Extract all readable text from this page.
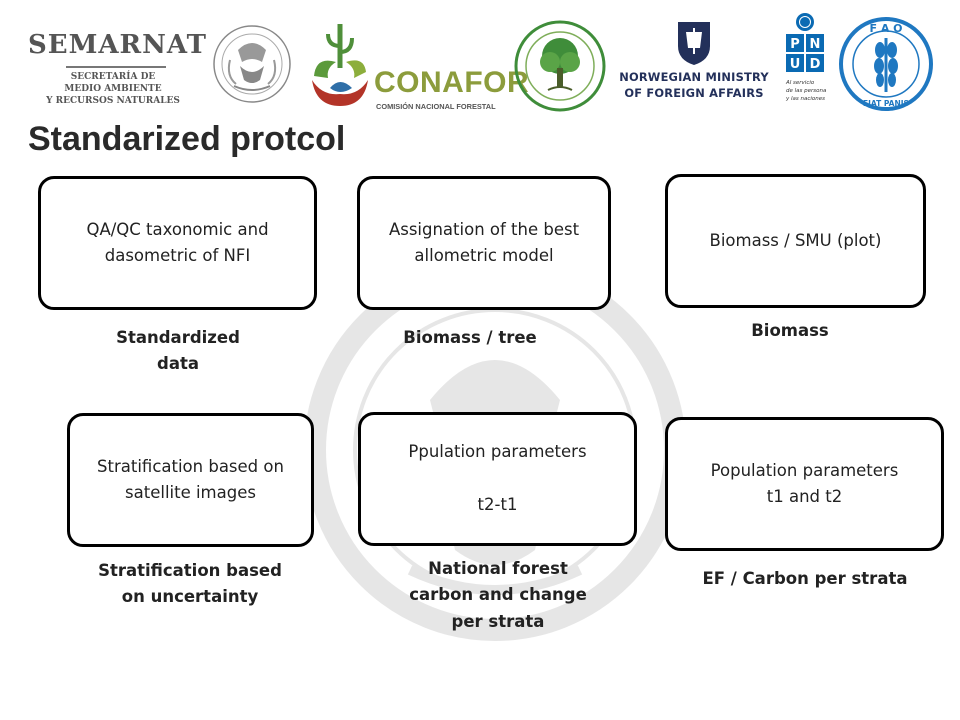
SEMARNAT
SECRETARÍA DE
MEDIO AMBIENTE
Y RECURSOS NATURALES
CONAFOR
COMISIÓN NACIONAL FORESTAL
NORWEGIAN MINISTRY
OF FOREIGN AFFAIRS
P N
U D
Al servicio
de las personas
y las naciones
F A O
FIAT PANIS
Standarized protcol
QA/QC taxonomic and dasometric of NFI
Assignation of the best allometric model
Biomass / SMU (plot)
Standardized
data
Biomass / tree	Biomass
Stratification based on satellite images
Ppulation parameters

t2-t1
Population parameters
t1 and t2
Stratification based
on uncertainty
National forest
carbon and change
per strata
EF / Carbon per strata
